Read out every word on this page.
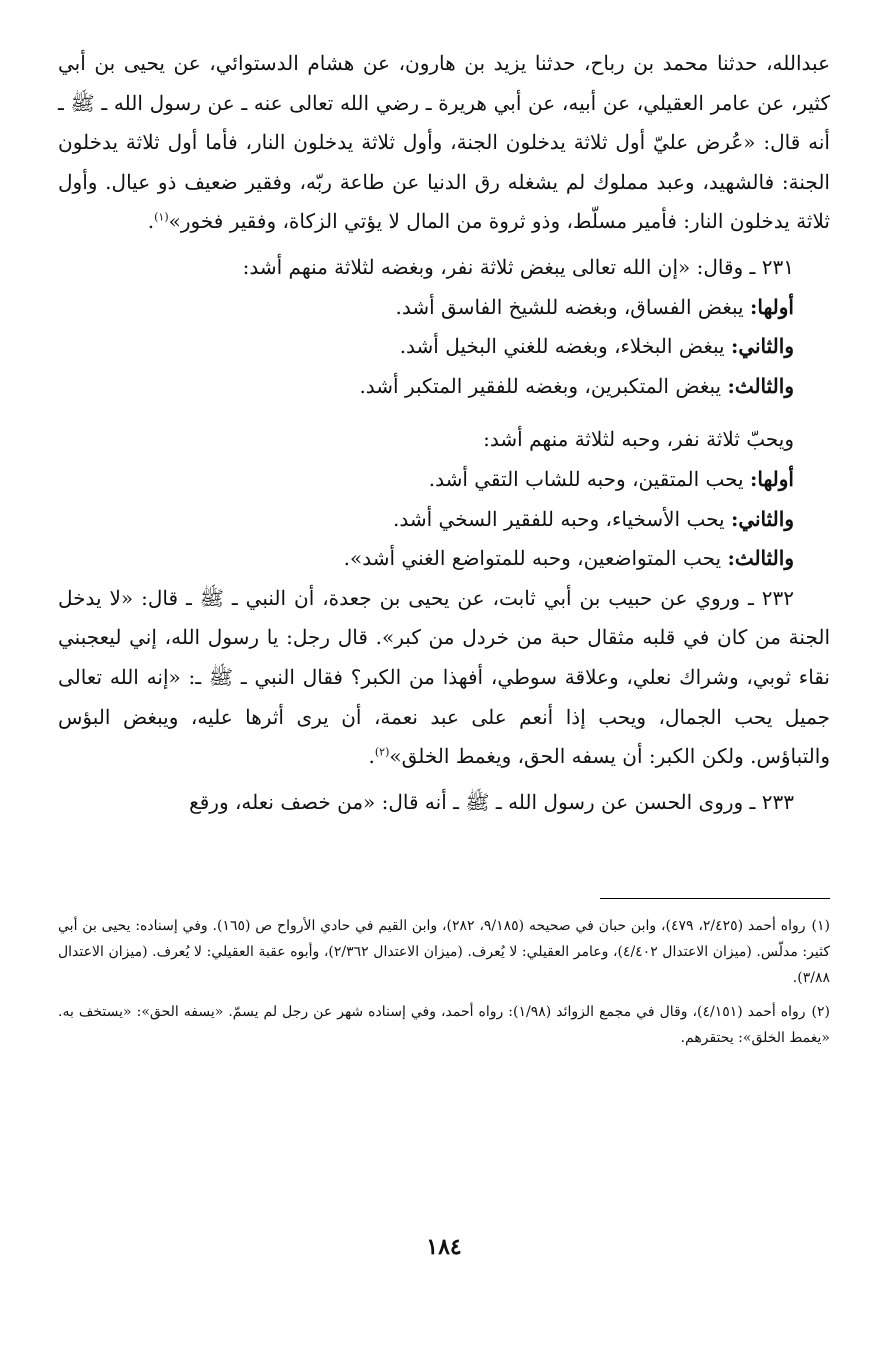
عبدالله، حدثنا محمد بن رباح، حدثنا يزيد بن هارون، عن هشام الدستوائي، عن يحيى بن أبي كثير، عن عامر العقيلي، عن أبيه، عن أبي هريرة ـ رضي الله تعالى عنه ـ عن رسول الله ـ ﷺ ـ أنه قال: «عُرض عليّ أول ثلاثة يدخلون الجنة، وأول ثلاثة يدخلون النار، فأما أول ثلاثة يدخلون الجنة: فالشهيد، وعبد مملوك لم يشغله رق الدنيا عن طاعة ربّه، وفقير ضعيف ذو عيال. وأول ثلاثة يدخلون النار: فأمير مسلّط، وذو ثروة من المال لا يؤتي الزكاة، وفقير فخور»$^{(١)}$.

٢٣١ ـ وقال: «إن الله تعالى يبغض ثلاثة نفر، وبغضه لثلاثة منهم أشد:

أولها: يبغض الفساق، وبغضه للشيخ الفاسق أشد.

والثاني: يبغض البخلاء، وبغضه للغني البخيل أشد.

والثالث: يبغض المتكبرين، وبغضه للفقير المتكبر أشد.

ويحبّ ثلاثة نفر، وحبه لثلاثة منهم أشد:

أولها: يحب المتقين، وحبه للشاب التقي أشد.

والثاني: يحب الأسخياء، وحبه للفقير السخي أشد.

والثالث: يحب المتواضعين، وحبه للمتواضع الغني أشد».

٢٣٢ ـ وروي عن حبيب بن أبي ثابت، عن يحيى بن جعدة، أن النبي ـ ﷺ ـ قال: «لا يدخل الجنة من كان في قلبه مثقال حبة من خردل من كبر». قال رجل: يا رسول الله، إني ليعجبني نقاء ثوبي، وشراك نعلي، وعلاقة سوطي، أفهذا من الكبر؟ فقال النبي ـ ﷺ ـ: «إنه الله تعالى جميل يحب الجمال، ويحب إذا أنعم على عبد نعمة، أن يرى أثرها عليه، ويبغض البؤس والتباؤس. ولكن الكبر: أن يسفه الحق، ويغمط الخلق»$^{(٢)}$.

٢٣٣ ـ وروى الحسن عن رسول الله ـ ﷺ ـ أنه قال: «من خصف نعله، ورقع

(١)رواه أحمد (٢/٤٢٥، ٤٧٩)، وابن حبان في صحيحه (٩/١٨٥، ٢٨٢)، وابن القيم في حادي الأرواح ص (١٦٥). وفي إسناده: يحيى بن أبي كثير: مدلّس. (ميزان الاعتدال ٤/٤٠٢)، وعامر العقيلي: لا يُعرف. (ميزان الاعتدال ٢/٣٦٢)، وأبوه عقبة العقيلي: لا يُعرف. (ميزان الاعتدال ٣/٨٨).

(٢)رواه أحمد (٤/١٥١)، وقال في مجمع الزوائد (١/٩٨): رواه أحمد، وفي إسناده شهر عن رجل لم يسمّ. «يسفه الحق»: «يستخف به. «يغمط الخلق»: يحتقرهم.

١٨٤
